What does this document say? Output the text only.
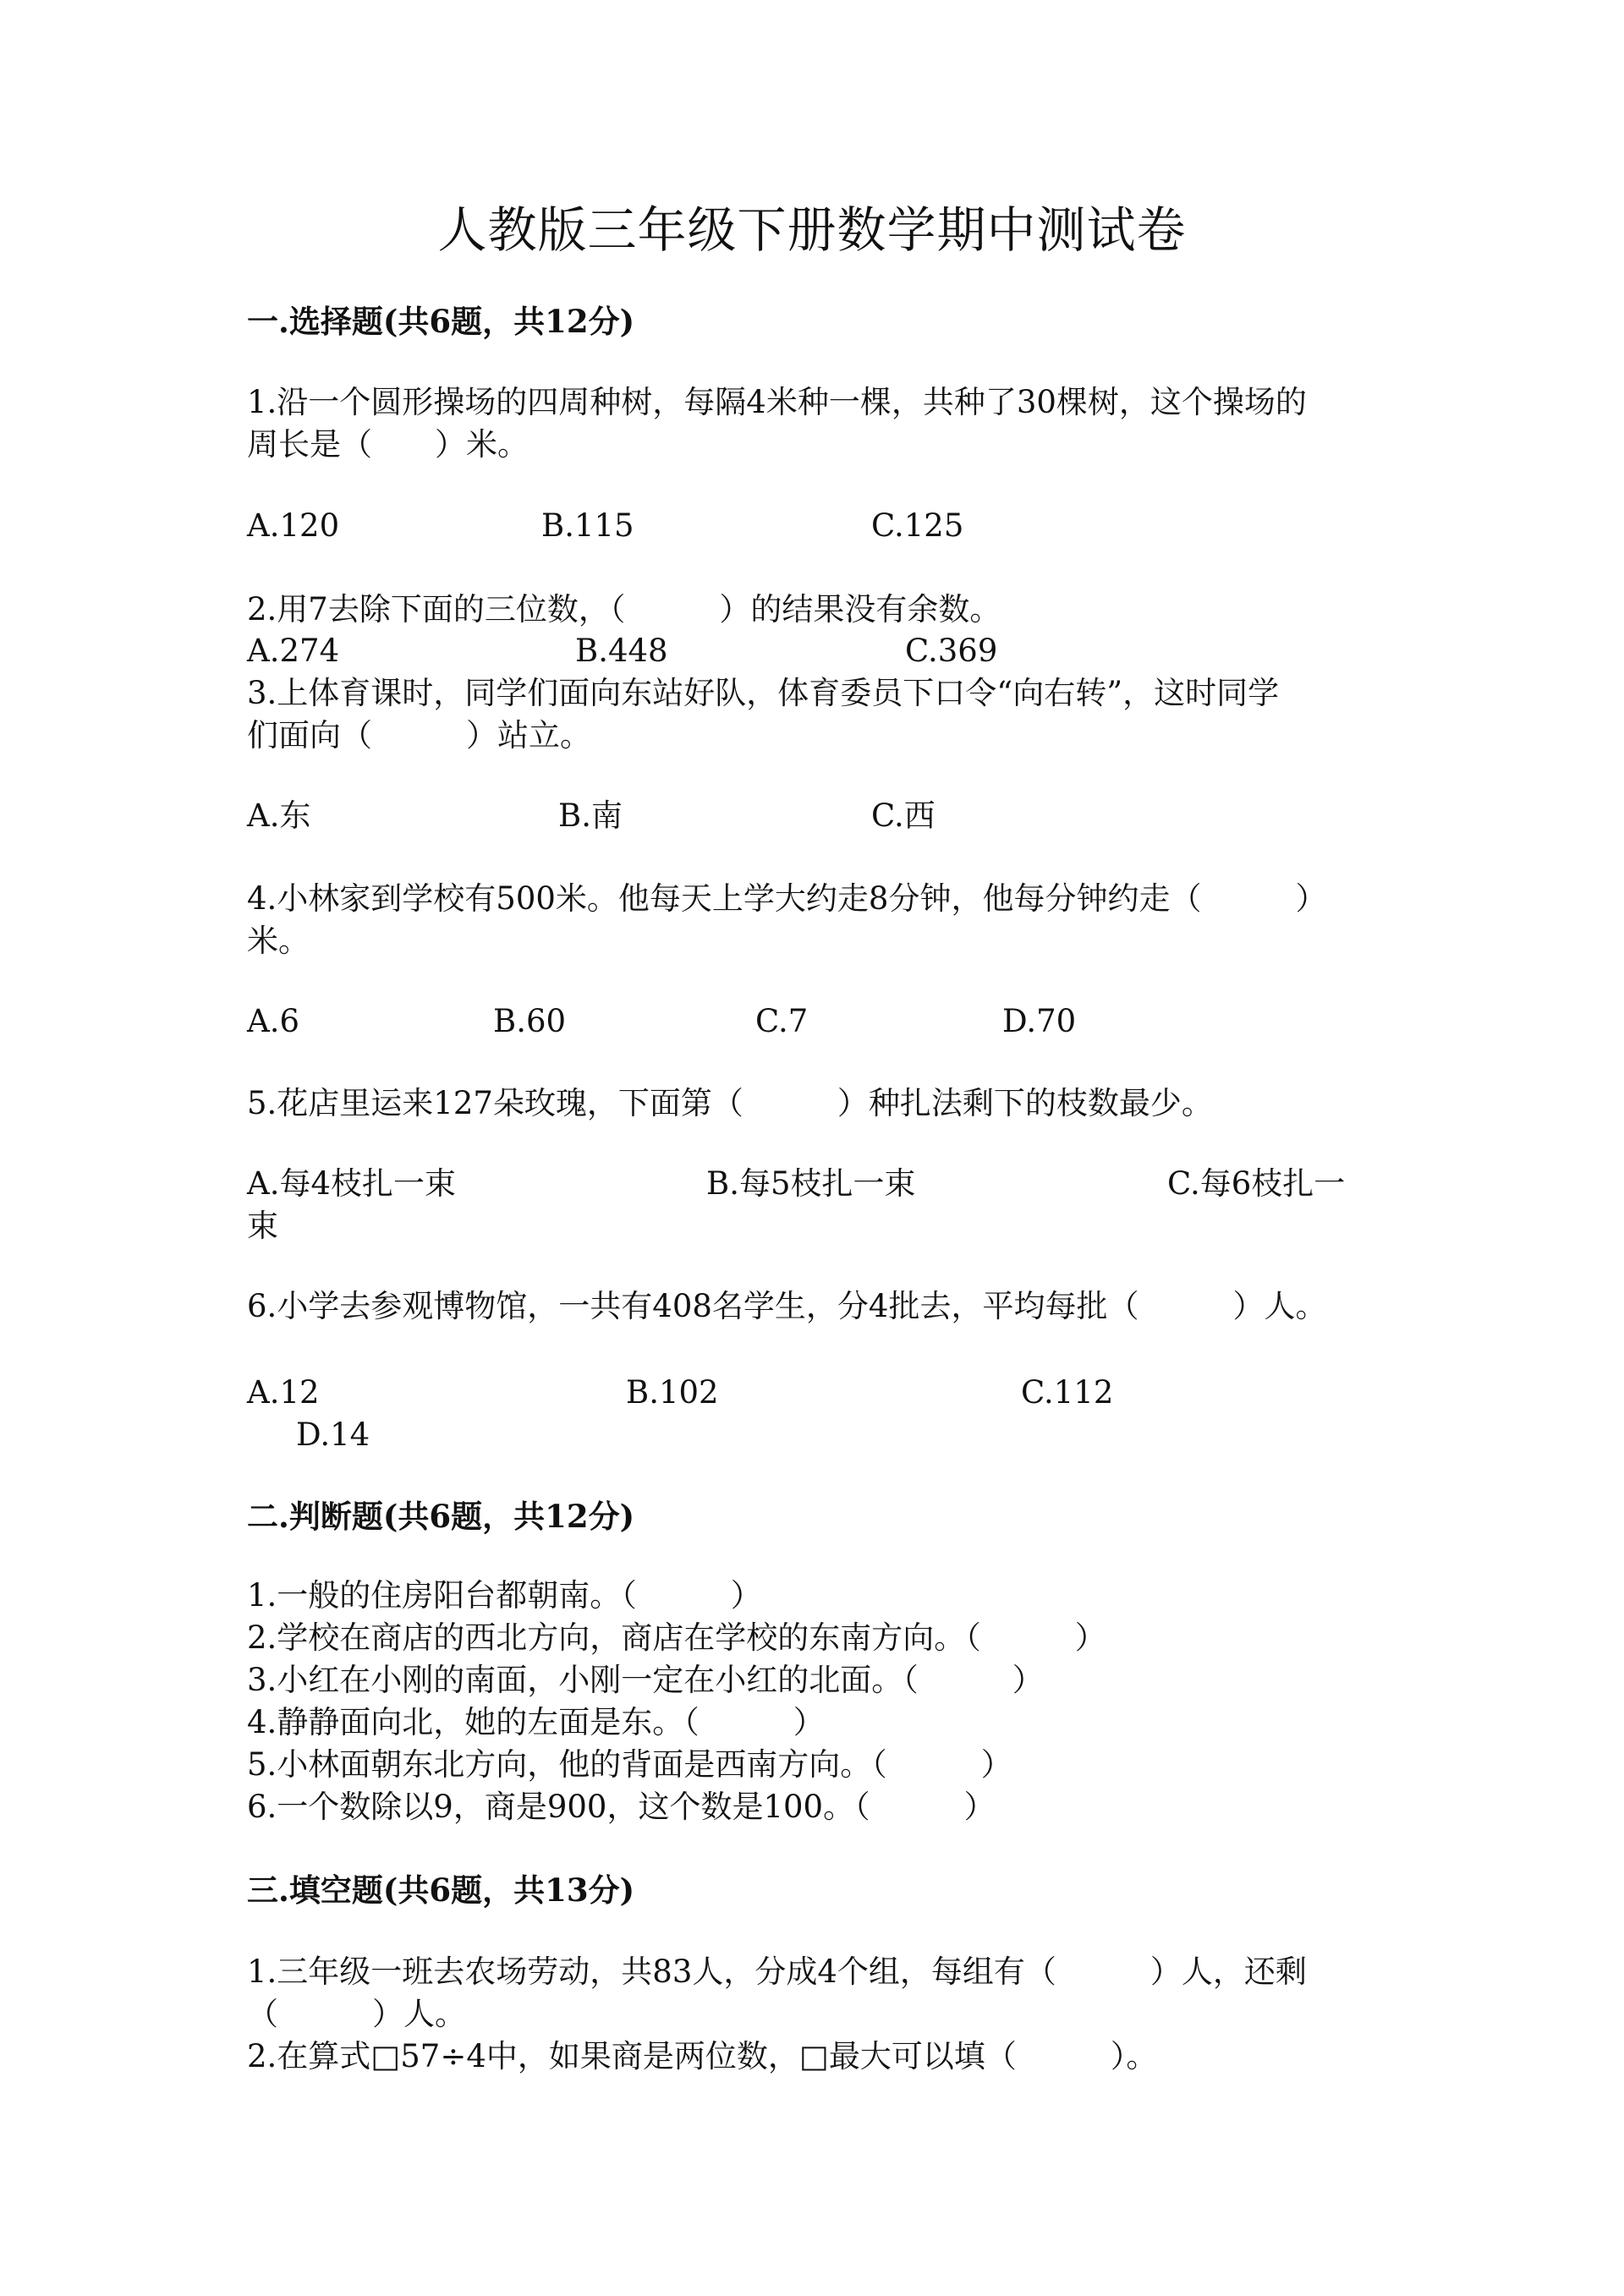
人教版三年级下册数学期中测试卷
一.选择题(共6题，共12分)
1.沿一个圆形操场的四周种树，每隔4米种一棵，共种了30棵树，这个操场的
周长是（　　）米。
A.120	B.115	C.125
2.用7去除下面的三位数，（　　　）的结果没有余数。
A.274	B.448	C.369
3.上体育课时，同学们面向东站好队，体育委员下口令“向右转”，这时同学
们面向（　　　）站立。
A.东	B.南	C.西
4.小林家到学校有500米。他每天上学大约走8分钟，他每分钟约走（　　　）
米。
A.6	B.60	C.7	D.70
5.花店里运来127朵玫瑰，下面第（　　　）种扎法剩下的枝数最少。
A.每4枝扎一束	B.每5枝扎一束	C.每6枝扎一
束
6.小学去参观博物馆，一共有408名学生，分4批去，平均每批（　　　）人。
A.12	B.102	C.112
D.14
二.判断题(共6题，共12分)
1.一般的住房阳台都朝南。（　　　）
2.学校在商店的西北方向，商店在学校的东南方向。（　　　）
3.小红在小刚的南面，小刚一定在小红的北面。（　　　）
4.静静面向北，她的左面是东。（　　　）
5.小林面朝东北方向，他的背面是西南方向。（　　　）
6.一个数除以9，商是900，这个数是100。（　　　）
三.填空题(共6题，共13分)
1.三年级一班去农场劳动，共83人，分成4个组，每组有（　　　）人，还剩
（　　　）人。
2.在算式□57÷4中，如果商是两位数，□最大可以填（　　　）。
